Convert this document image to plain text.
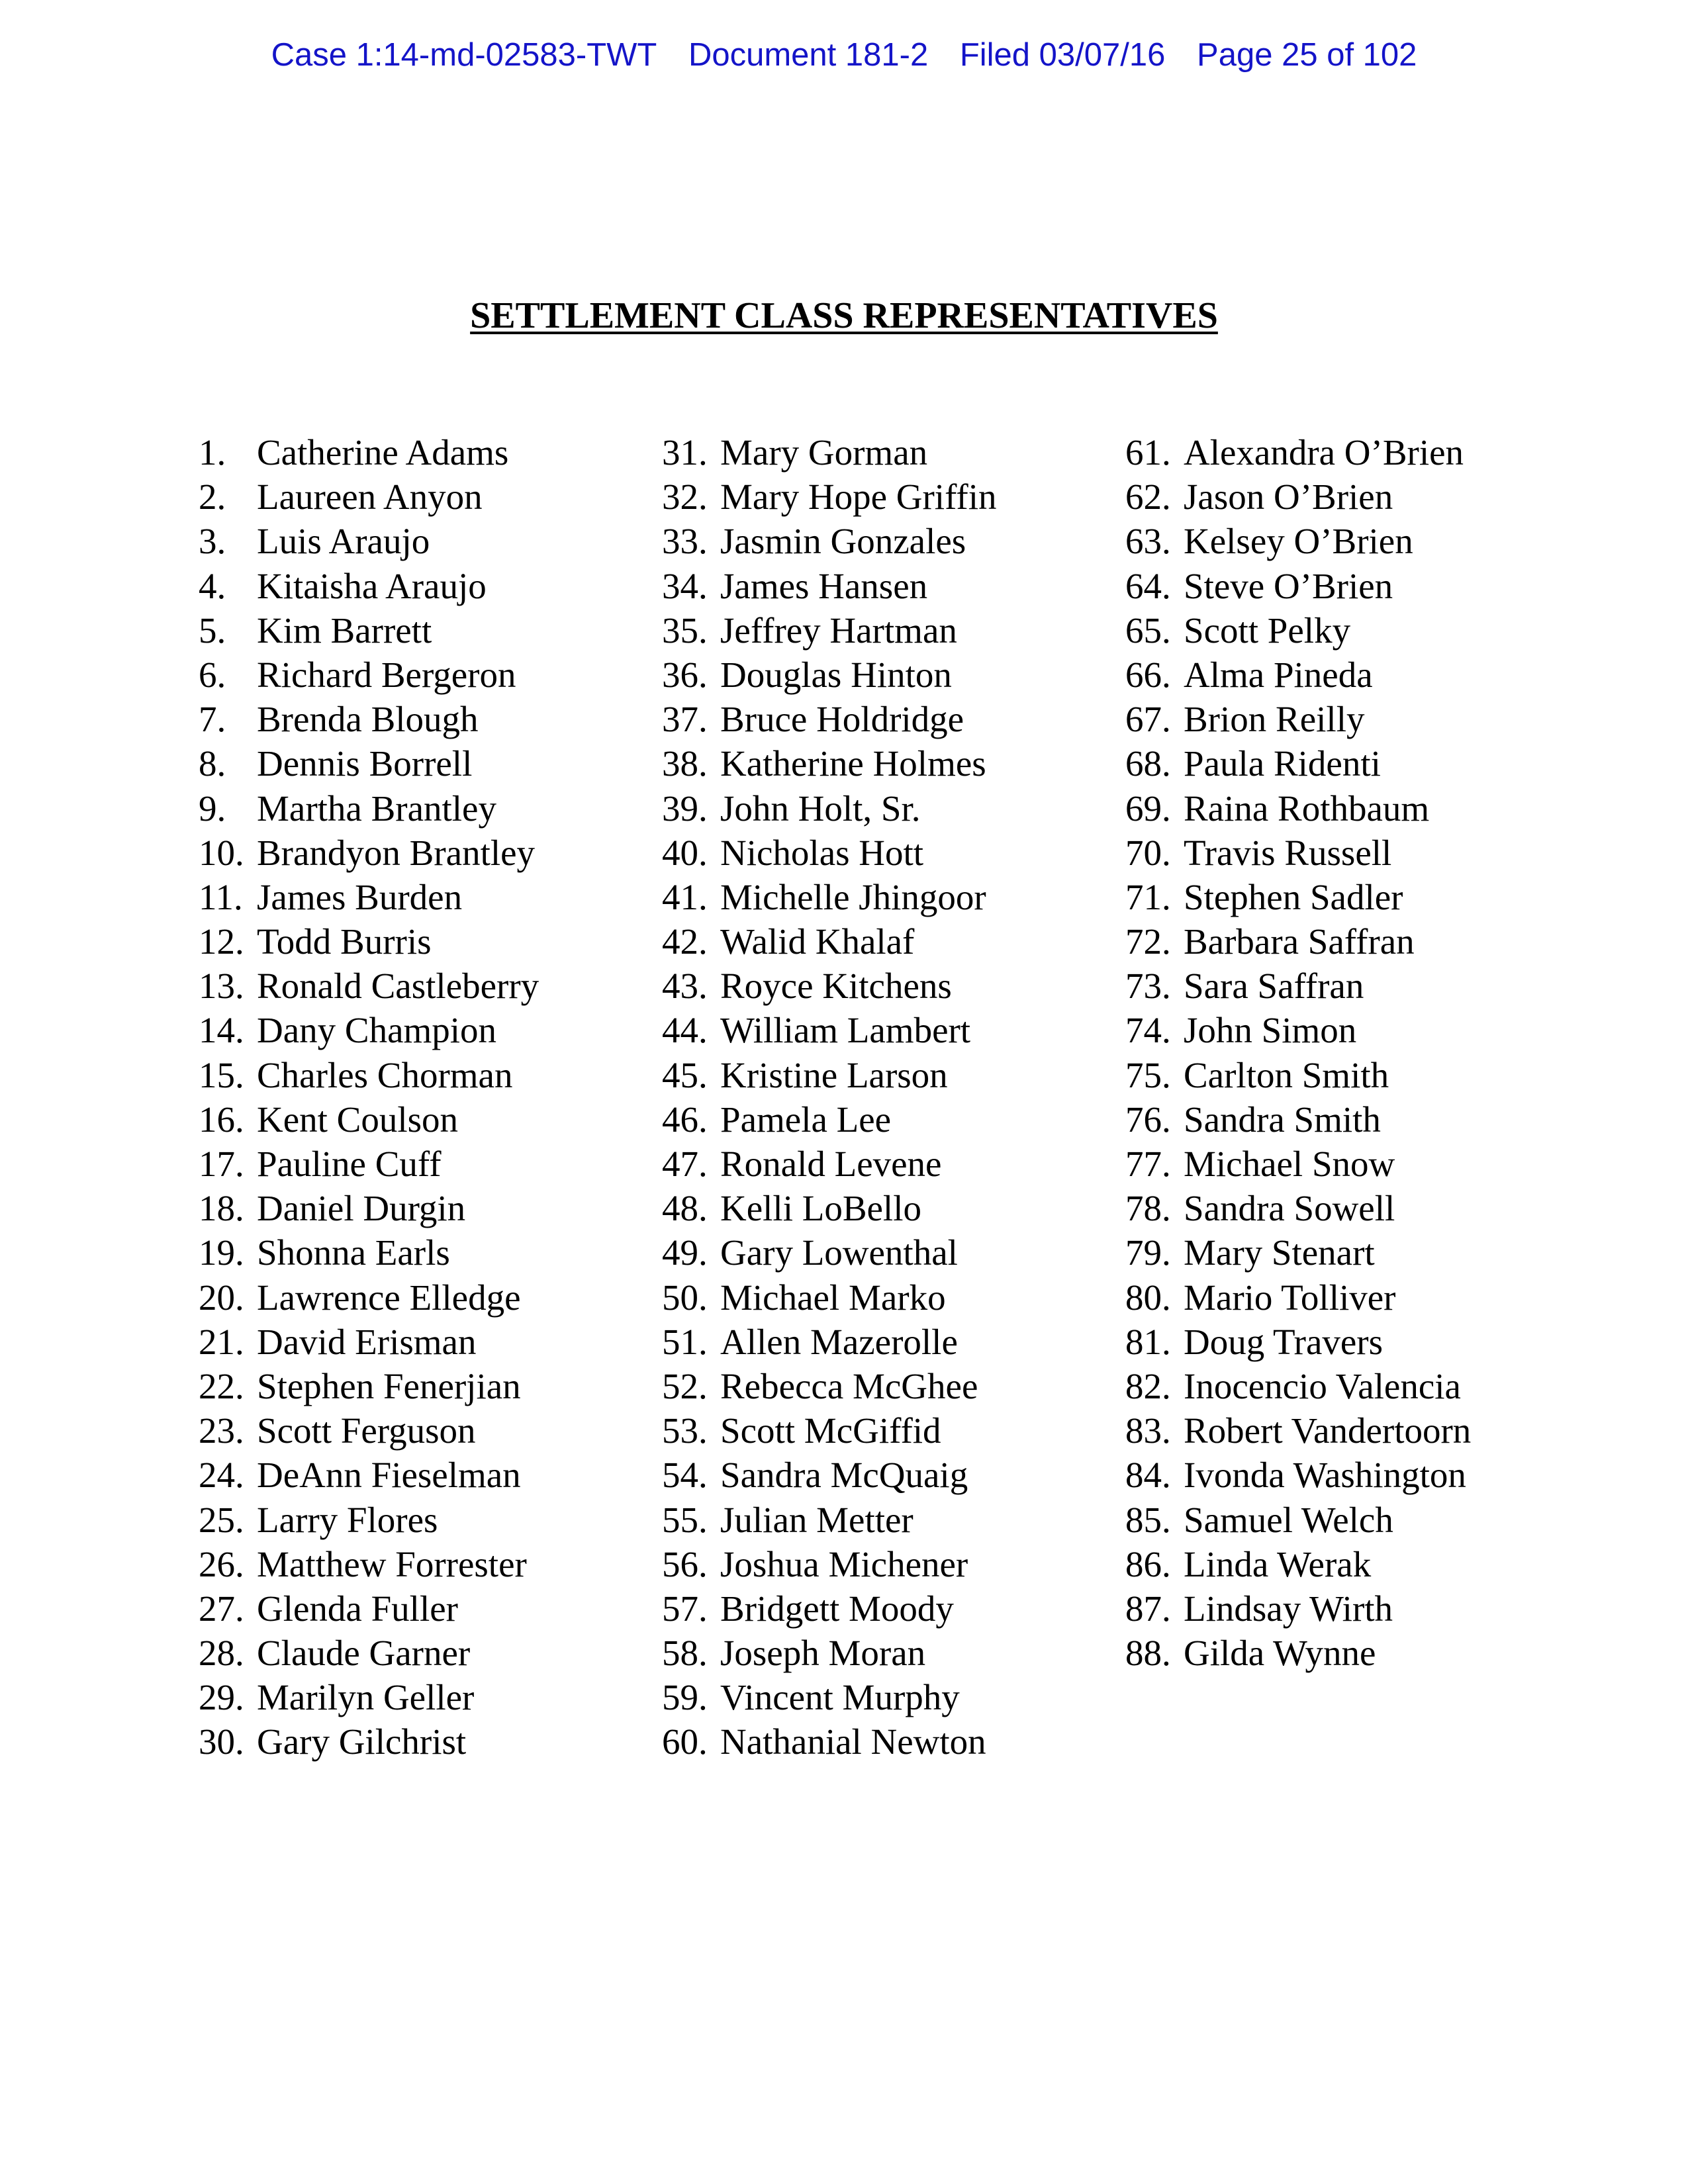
Case 1:14-md-02583-TWT Document 181-2 Filed 03/07/16 Page 25 of 102
SETTLEMENT CLASS REPRESENTATIVES
1. Catherine Adams
2. Laureen Anyon
3. Luis Araujo
4. Kitaisha Araujo
5. Kim Barrett
6. Richard Bergeron
7. Brenda Blough
8. Dennis Borrell
9. Martha Brantley
10. Brandyon Brantley
11. James Burden
12. Todd Burris
13. Ronald Castleberry
14. Dany Champion
15. Charles Chorman
16. Kent Coulson
17. Pauline Cuff
18. Daniel Durgin
19. Shonna Earls
20. Lawrence Elledge
21. David Erisman
22. Stephen Fenerjian
23. Scott Ferguson
24. DeAnn Fieselman
25. Larry Flores
26. Matthew Forrester
27. Glenda Fuller
28. Claude Garner
29. Marilyn Geller
30. Gary Gilchrist
31. Mary Gorman
32. Mary Hope Griffin
33. Jasmin Gonzales
34. James Hansen
35. Jeffrey Hartman
36. Douglas Hinton
37. Bruce Holdridge
38. Katherine Holmes
39. John Holt, Sr.
40. Nicholas Hott
41. Michelle Jhingoor
42. Walid Khalaf
43. Royce Kitchens
44. William Lambert
45. Kristine Larson
46. Pamela Lee
47. Ronald Levene
48. Kelli LoBello
49. Gary Lowenthal
50. Michael Marko
51. Allen Mazerolle
52. Rebecca McGhee
53. Scott McGiffid
54. Sandra McQuaig
55. Julian Metter
56. Joshua Michener
57. Bridgett Moody
58. Joseph Moran
59. Vincent Murphy
60. Nathanial Newton
61. Alexandra O’Brien
62. Jason O’Brien
63. Kelsey O’Brien
64. Steve O’Brien
65. Scott Pelky
66. Alma Pineda
67. Brion Reilly
68. Paula Ridenti
69. Raina Rothbaum
70. Travis Russell
71. Stephen Sadler
72. Barbara Saffran
73. Sara Saffran
74. John Simon
75. Carlton Smith
76. Sandra Smith
77. Michael Snow
78. Sandra Sowell
79. Mary Stenart
80. Mario Tolliver
81. Doug Travers
82. Inocencio Valencia
83. Robert Vandertoorn
84. Ivonda Washington
85. Samuel Welch
86. Linda Werak
87. Lindsay Wirth
88. Gilda Wynne
